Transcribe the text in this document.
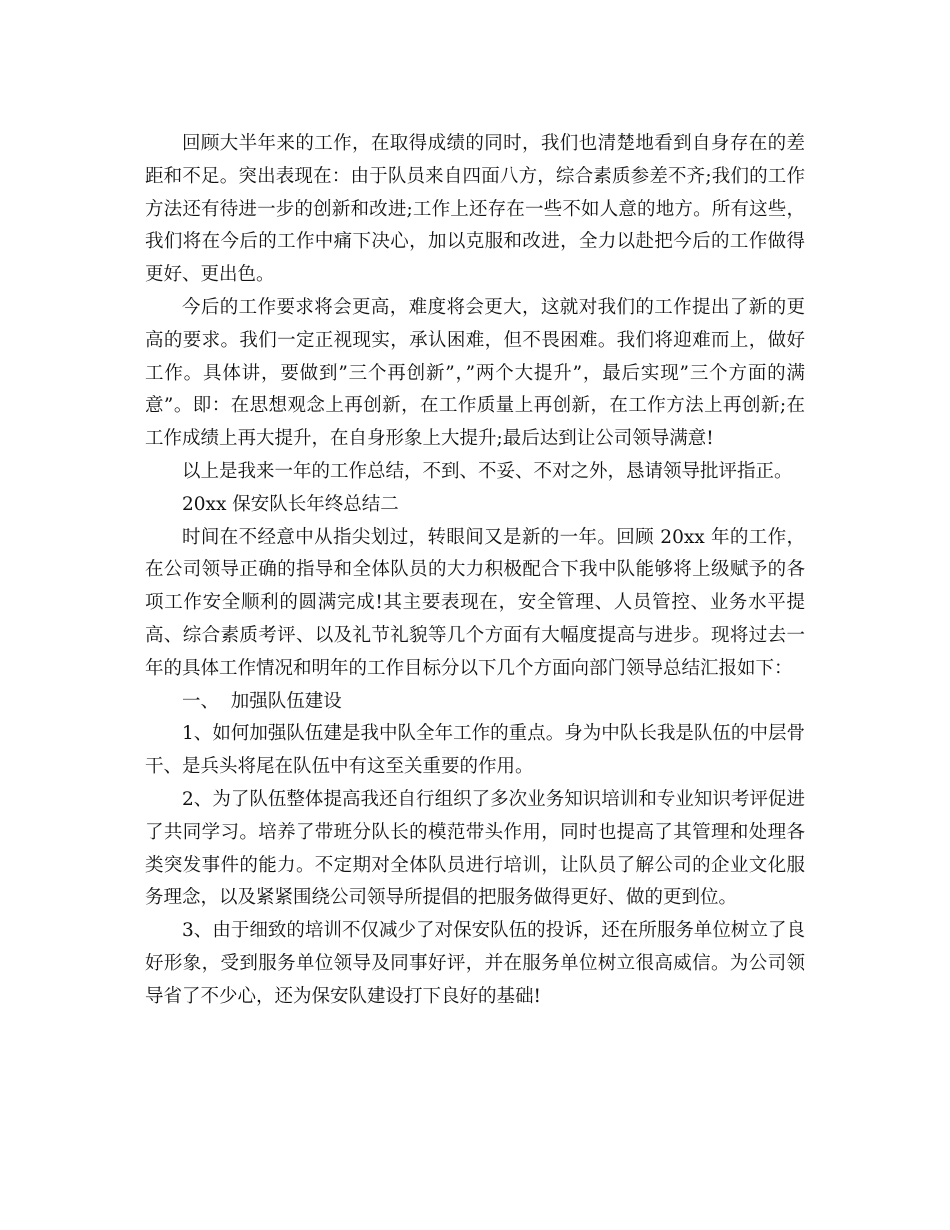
回顾大半年来的工作，在取得成绩的同时，我们也清楚地看到自身存在的差距和不足。突出表现在：由于队员来自四面八方，综合素质参差不齐;我们的工作方法还有待进一步的创新和改进;工作上还存在一些不如人意的地方。所有这些，我们将在今后的工作中痛下决心，加以克服和改进，全力以赴把今后的工作做得更好、更出色。

今后的工作要求将会更高，难度将会更大，这就对我们的工作提出了新的更高的要求。我们一定正视现实，承认困难，但不畏困难。我们将迎难而上，做好工作。具体讲，要做到”三个再创新”，”两个大提升”，最后实现”三个方面的满意”。即：在思想观念上再创新，在工作质量上再创新，在工作方法上再创新;在工作成绩上再大提升，在自身形象上大提升;最后达到让公司领导满意!

以上是我来一年的工作总结，不到、不妥、不对之外，恳请领导批评指正。

20xx 保安队长年终总结二

时间在不经意中从指尖划过，转眼间又是新的一年。回顾 20xx 年的工作，在公司领导正确的指导和全体队员的大力积极配合下我中队能够将上级赋予的各项工作安全顺利的圆满完成!其主要表现在，安全管理、人员管控、业务水平提高、综合素质考评、以及礼节礼貌等几个方面有大幅度提高与进步。现将过去一年的具体工作情况和明年的工作目标分以下几个方面向部门领导总结汇报如下：

一、  加强队伍建设

1、如何加强队伍建是我中队全年工作的重点。身为中队长我是队伍的中层骨干、是兵头将尾在队伍中有这至关重要的作用。

2、为了队伍整体提高我还自行组织了多次业务知识培训和专业知识考评促进了共同学习。培养了带班分队长的模范带头作用，同时也提高了其管理和处理各类突发事件的能力。不定期对全体队员进行培训，让队员了解公司的企业文化服务理念，以及紧紧围绕公司领导所提倡的把服务做得更好、做的更到位。

3、由于细致的培训不仅减少了对保安队伍的投诉，还在所服务单位树立了良好形象，受到服务单位领导及同事好评，并在服务单位树立很高威信。为公司领导省了不少心，还为保安队建设打下良好的基础!
